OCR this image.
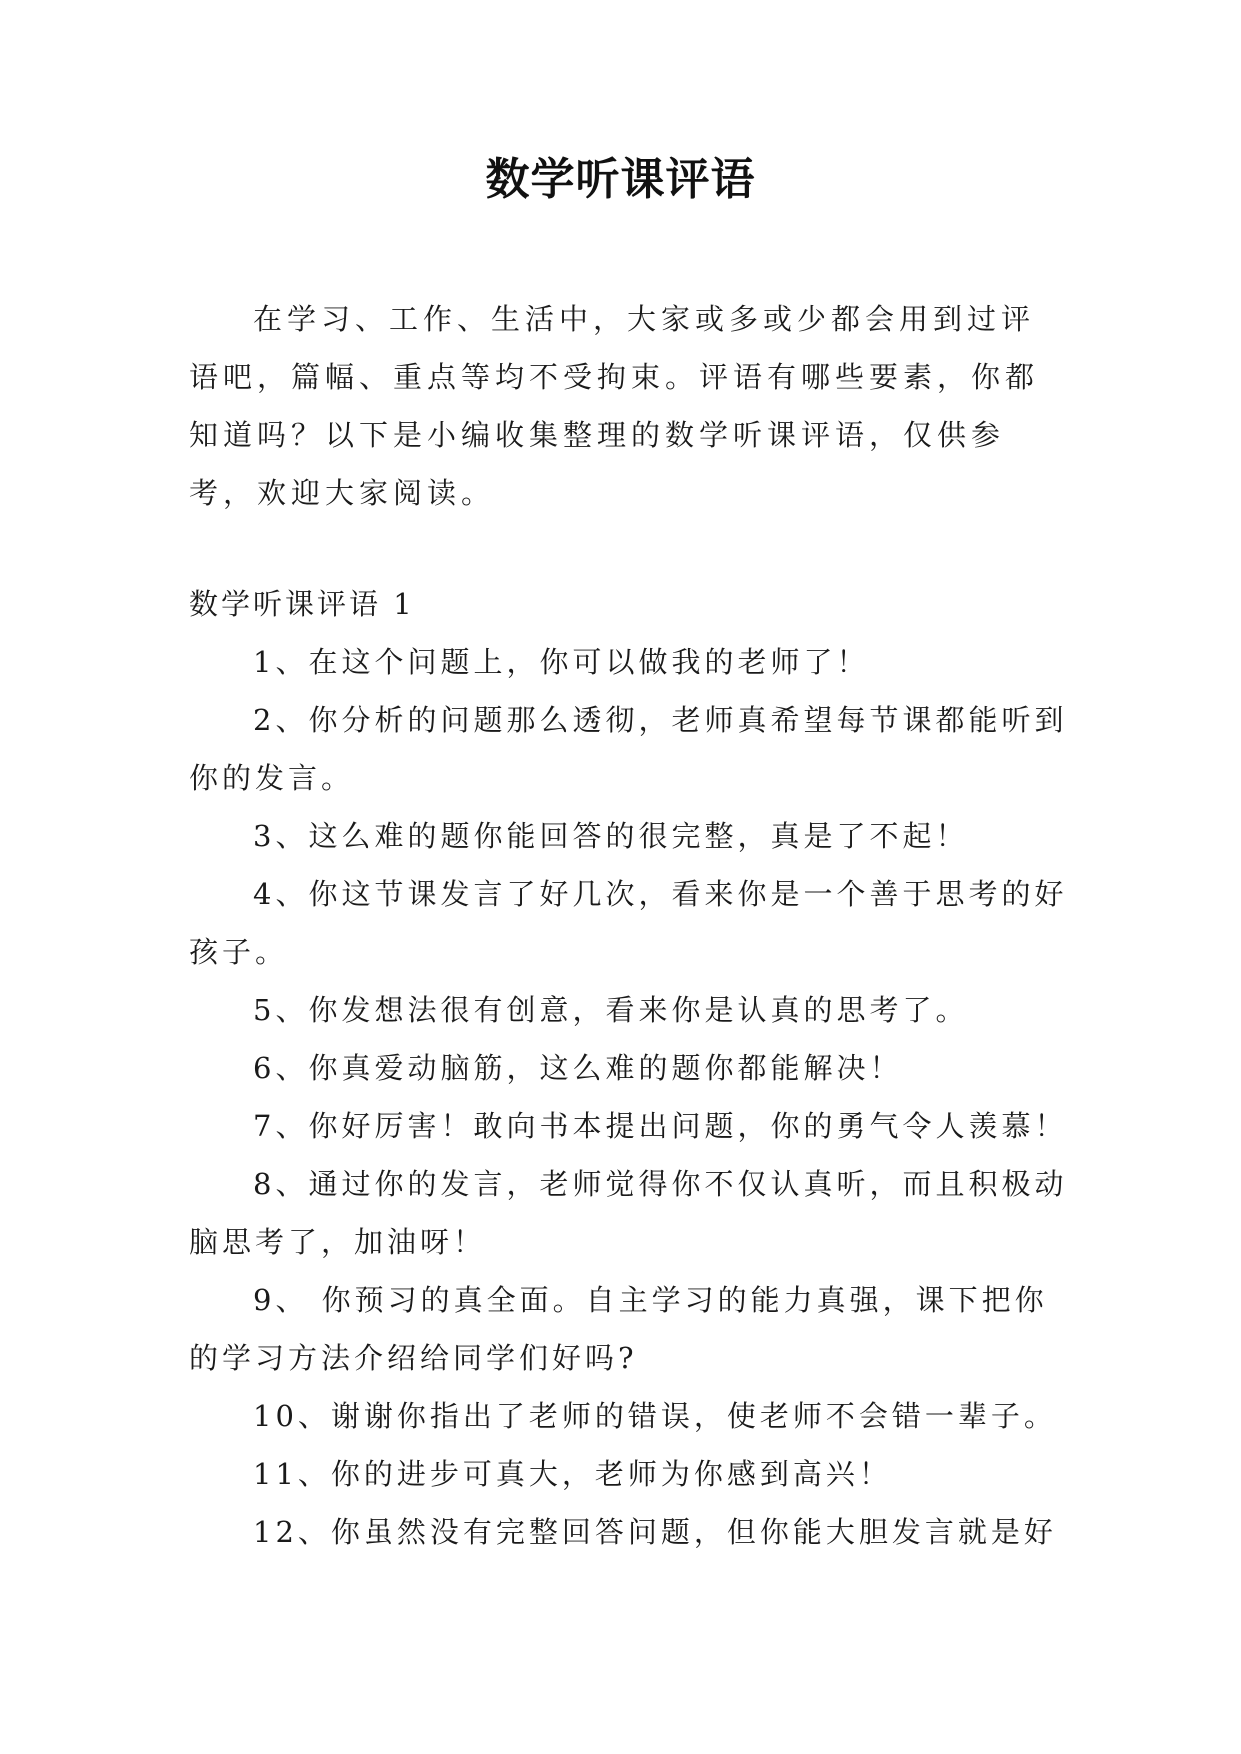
数学听课评语

在学习、工作、生活中，大家或多或少都会用到过评语吧，篇幅、重点等均不受拘束。评语有哪些要素，你都知道吗？以下是小编收集整理的数学听课评语，仅供参考，欢迎大家阅读。

数学听课评语 1

1、在这个问题上，你可以做我的老师了！
2、你分析的问题那么透彻，老师真希望每节课都能听到你的发言。
3、这么难的题你能回答的很完整，真是了不起！
4、你这节课发言了好几次，看来你是一个善于思考的好孩子。
5、你发想法很有创意，看来你是认真的思考了。
6、你真爱动脑筋，这么难的题你都能解决！
7、你好厉害！敢向书本提出问题，你的勇气令人羡慕！
8、通过你的发言，老师觉得你不仅认真听，而且积极动脑思考了，加油呀！
9、 你预习的真全面。自主学习的能力真强，课下把你的学习方法介绍给同学们好吗?
10、谢谢你指出了老师的错误，使老师不会错一辈子。
11、你的进步可真大，老师为你感到高兴！
12、你虽然没有完整回答问题，但你能大胆发言就是好
